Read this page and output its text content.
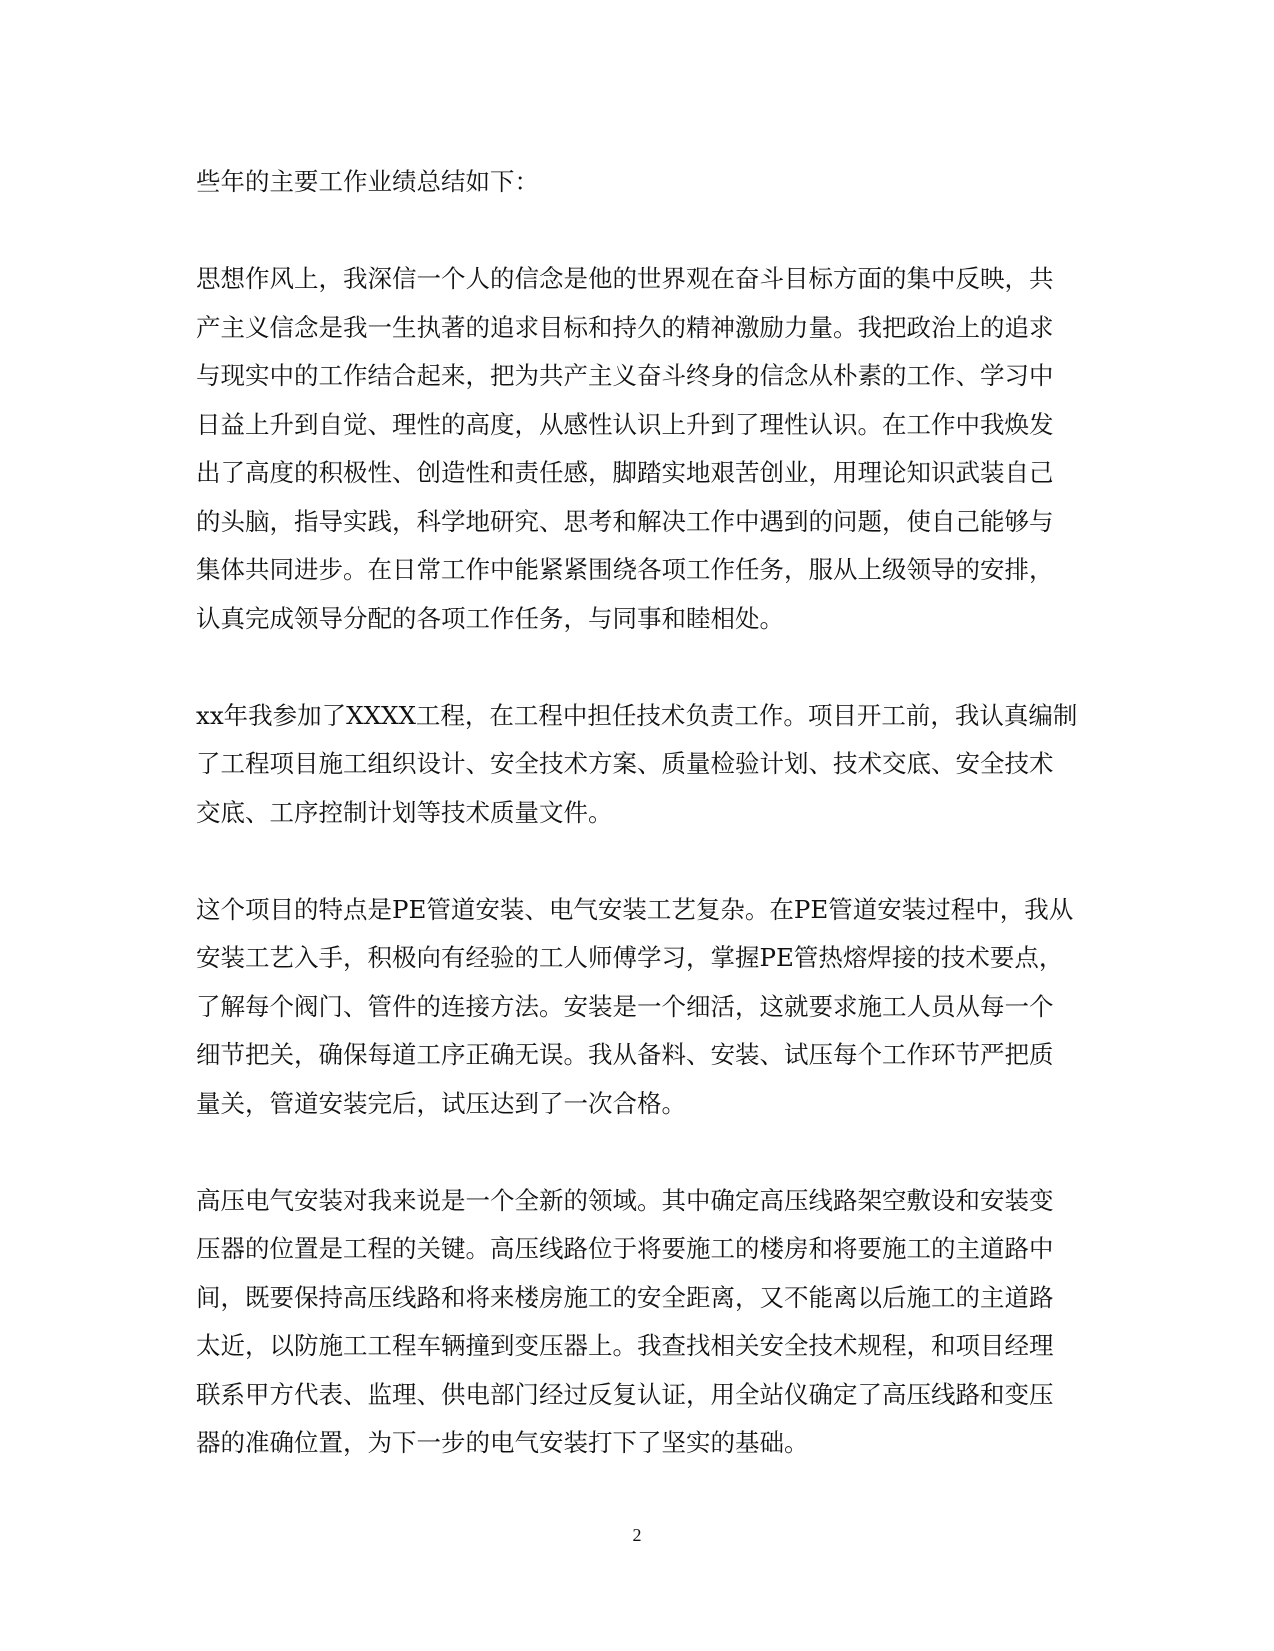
些年的主要工作业绩总结如下：
思想作风上，我深信一个人的信念是他的世界观在奋斗目标方面的集中反映，共
产主义信念是我一生执著的追求目标和持久的精神激励力量。我把政治上的追求
与现实中的工作结合起来，把为共产主义奋斗终身的信念从朴素的工作、学习中
日益上升到自觉、理性的高度，从感性认识上升到了理性认识。在工作中我焕发
出了高度的积极性、创造性和责任感，脚踏实地艰苦创业，用理论知识武装自己
的头脑，指导实践，科学地研究、思考和解决工作中遇到的问题，使自己能够与
集体共同进步。在日常工作中能紧紧围绕各项工作任务，服从上级领导的安排，
认真完成领导分配的各项工作任务，与同事和睦相处。
xx年我参加了XXXX工程，在工程中担任技术负责工作。项目开工前，我认真编制
了工程项目施工组织设计、安全技术方案、质量检验计划、技术交底、安全技术
交底、工序控制计划等技术质量文件。
这个项目的特点是PE管道安装、电气安装工艺复杂。在PE管道安装过程中，我从
安装工艺入手，积极向有经验的工人师傅学习，掌握PE管热熔焊接的技术要点，
了解每个阀门、管件的连接方法。安装是一个细活，这就要求施工人员从每一个
细节把关，确保每道工序正确无误。我从备料、安装、试压每个工作环节严把质
量关，管道安装完后，试压达到了一次合格。
高压电气安装对我来说是一个全新的领域。其中确定高压线路架空敷设和安装变
压器的位置是工程的关键。高压线路位于将要施工的楼房和将要施工的主道路中
间，既要保持高压线路和将来楼房施工的安全距离，又不能离以后施工的主道路
太近，以防施工工程车辆撞到变压器上。我查找相关安全技术规程，和项目经理
联系甲方代表、监理、供电部门经过反复认证，用全站仪确定了高压线路和变压
器的准确位置，为下一步的电气安装打下了坚实的基础。
2
